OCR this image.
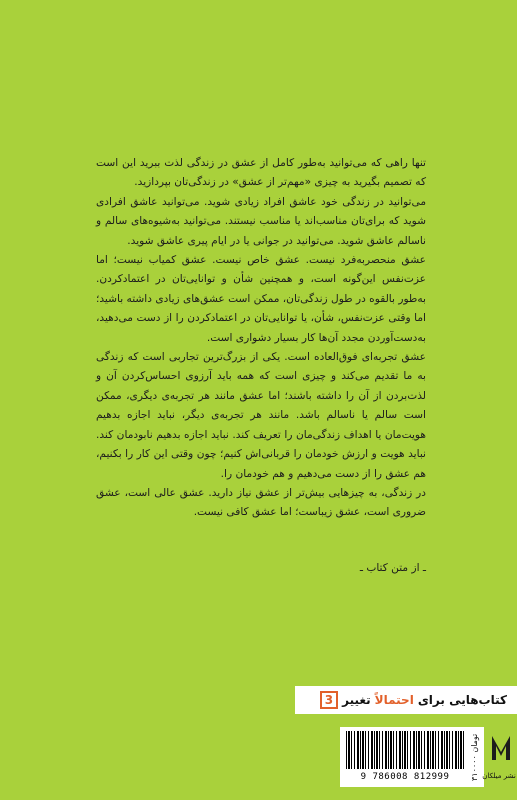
تنها راهی که می‌توانید به‌طور کامل از عشق در زندگی لذت ببرید این است که تصمیم بگیرید به چیزی «مهم‌تر از عشق» در زندگی‌تان بپردازید.

می‌توانید در زندگی خود عاشق افراد زیادی شوید. می‌توانید عاشق افرادی شوید که برای‌تان مناسب‌اند یا مناسب نیستند. می‌توانید به‌شیوه‌های سالم و ناسالم عاشق شوید. می‌توانید در جوانی یا در ایام پیری عاشق شوید.

عشق منحصربه‌فرد نیست. عشق خاص نیست. عشق کمیاب نیست؛ اما عزت‌نفس این‌گونه است، و همچنین شأن و توانایی‌تان در اعتمادکردن. به‌طور بالقوه در طول زندگی‌تان، ممکن است عشق‌های زیادی داشته باشید؛ اما وقتی عزت‌نفس، شأن، یا توانایی‌تان در اعتمادکردن را از دست می‌دهید، به‌دست‌آوردن مجدد آن‌ها کار بسیار دشواری است.

عشق تجربه‌ای فوق‌العاده است. یکی از بزرگ‌ترین تجاربی است که زندگی به ما تقدیم می‌کند و چیزی است که همه باید آرزوی احساس‌کردن آن و لذت‌بردن از آن را داشته باشند؛ اما عشق مانند هر تجربه‌ی دیگری، ممکن است سالم یا ناسالم باشد. مانند هر تجربه‌ی دیگر، نباید اجازه بدهیم هویت‌مان یا اهداف زندگی‌مان را تعریف کند. نباید اجازه بدهیم نابودمان کند. نباید هویت و ارزش خودمان را قربانی‌اش کنیم؛ چون وقتی این کار را بکنیم، هم عشق را از دست می‌دهیم و هم خودمان را.

در زندگی، به چیزهایی بیش‌تر از عشق نیاز دارید. عشق عالی است، عشق ضروری است، عشق زیباست؛ اما عشق کافی نیست.

ـ از متن کتاب ـ
کتاب‌هایی برای
احتمالاً
تغییر
3
9 786008 812999	۳۱۰۰۰۰ تومان
نشر میلکان
